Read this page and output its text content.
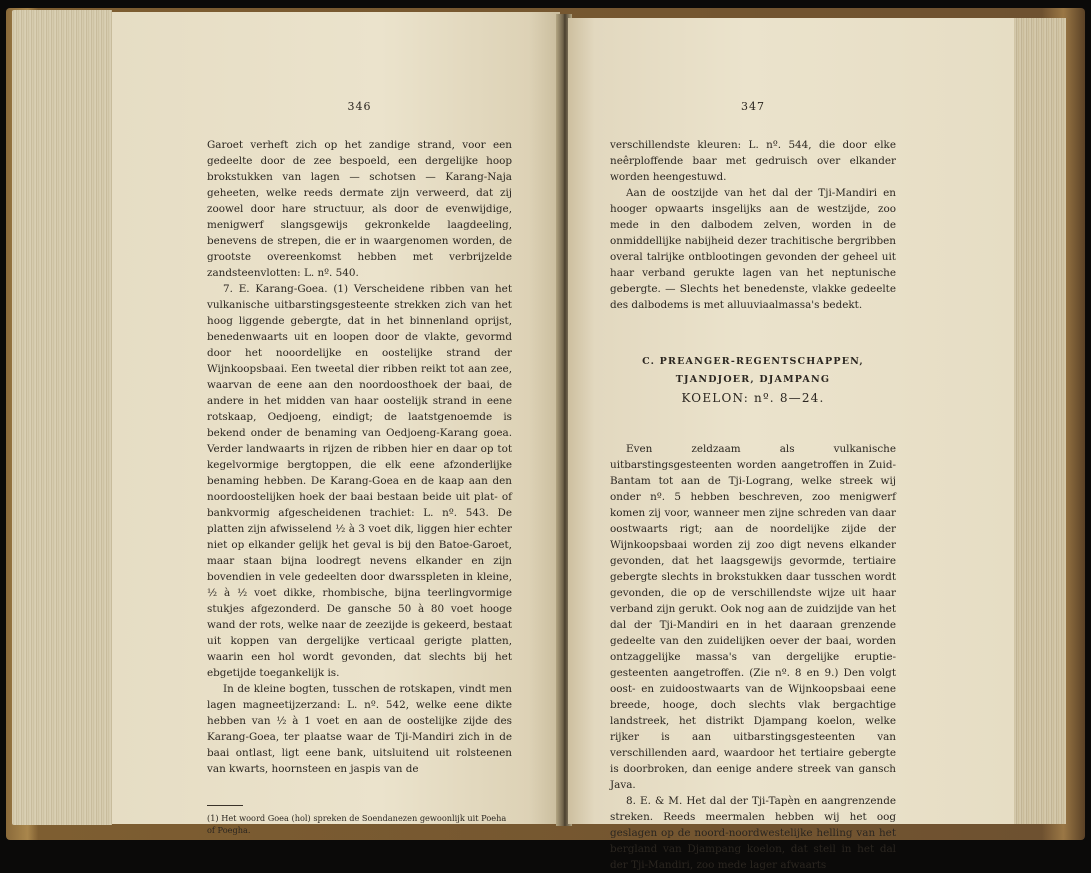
346

Garoet verheft zich op het zandige strand, voor een gedeelte door de zee bespoeld, een dergelijke hoop brokstukken van lagen — schotsen — Karang-Naja geheeten, welke reeds dermate zijn verweerd, dat zij zoowel door hare structuur, als door de evenwijdige, menigwerf slangsgewijs gekronkelde laagdeeling, benevens de strepen, die er in waargenomen worden, de grootste overeenkomst hebben met verbrijzelde zandsteenvlotten: L. nº. 540.

7. E. Karang-Goea. (1) Verscheidene ribben van het vulkanische uitbarstingsgesteente strekken zich van het hoog liggende gebergte, dat in het binnenland oprijst, benedenwaarts uit en loopen door de vlakte, gevormd door het nooordelijke en oostelijke strand der Wijnkoopsbaai. Een tweetal dier ribben reikt tot aan zee, waarvan de eene aan den noordoosthoek der baai, de andere in het midden van haar oostelijk strand in eene rotskaap, Oedjoeng, eindigt; de laatstgenoemde is bekend onder de benaming van Oedjoeng-Karang goea. Verder landwaarts in rijzen de ribben hier en daar op tot kegelvormige bergtoppen, die elk eene afzonderlijke benaming hebben. De Karang-Goea en de kaap aan den noordoostelijken hoek der baai bestaan beide uit plat- of bankvormig afgescheidenen trachiet: L. nº. 543. De platten zijn afwisselend ½ à 3 voet dik, liggen hier echter niet op elkander gelijk het geval is bij den Batoe-Garoet, maar staan bijna loodregt nevens elkander en zijn bovendien in vele gedeelten door dwarsspleten in kleine, ½ à ½ voet dikke, rhombische, bijna teerlingvormige stukjes afgezonderd. De gansche 50 à 80 voet hooge wand der rots, welke naar de zeezijde is gekeerd, bestaat uit koppen van dergelijke verticaal gerigte platten, waarin een hol wordt gevonden, dat slechts bij het ebgetijde toegankelijk is.

In de kleine bogten, tusschen de rotskapen, vindt men lagen magneetijzerzand: L. nº. 542, welke eene dikte hebben van ½ à 1 voet en aan de oostelijke zijde des Karang-Goea, ter plaatse waar de Tji-Mandiri zich in de baai ontlast, ligt eene bank, uitsluitend uit rolsteenen van kwarts, hoornsteen en jaspis van de

(1) Het woord Goea (hol) spreken de Soendanezen gewoonlijk uit Poeha of Poegha.
347

verschillendste kleuren: L. nº. 544, die door elke neêrploffende baar met gedruisch over elkander worden heengestuwd.

Aan de oostzijde van het dal der Tji-Mandiri en hooger opwaarts insgelijks aan de westzijde, zoo mede in den dalbodem zelven, worden in de onmiddellijke nabijheid dezer trachitische bergribben overal talrijke ontblootingen gevonden der geheel uit haar verband gerukte lagen van het neptunische gebergte. — Slechts het benedenste, vlakke gedeelte des dalbodems is met alluuviaalmassa's bedekt.

C. PREANGER-REGENTSCHAPPEN, TJANDJOER, DJAMPANG
KOELON: nº. 8—24.

Even zeldzaam als vulkanische uitbarstingsgesteenten worden aangetroffen in Zuid-Bantam tot aan de Tji-Lograng, welke streek wij onder nº. 5 hebben beschreven, zoo menigwerf komen zij voor, wanneer men zijne schreden van daar oostwaarts rigt; aan de noordelijke zijde der Wijnkoopsbaai worden zij zoo digt nevens elkander gevonden, dat het laagsgewijs gevormde, tertiaire gebergte slechts in brokstukken daar tusschen wordt gevonden, die op de verschillendste wijze uit haar verband zijn gerukt. Ook nog aan de zuidzijde van het dal der Tji-Mandiri en in het daaraan grenzende gedeelte van den zuidelijken oever der baai, worden ontzaggelijke massa's van dergelijke eruptie-gesteenten aangetroffen. (Zie nº. 8 en 9.) Den volgt oost- en zuidoostwaarts van de Wijnkoopsbaai eene breede, hooge, doch slechts vlak bergachtige landstreek, het distrikt Djampang koelon, welke rijker is aan uitbarstingsgesteenten van verschillenden aard, waardoor het tertiaire gebergte is doorbroken, dan eenige andere streek van gansch Java.

8. E. & M. Het dal der Tji-Tapèn en aangrenzende streken. Reeds meermalen hebben wij het oog geslagen op de noord-noordwestelijke helling van het bergland van Djampang koelon, dat steil in het dal der Tji-Mandiri, zoo mede lager afwaarts
